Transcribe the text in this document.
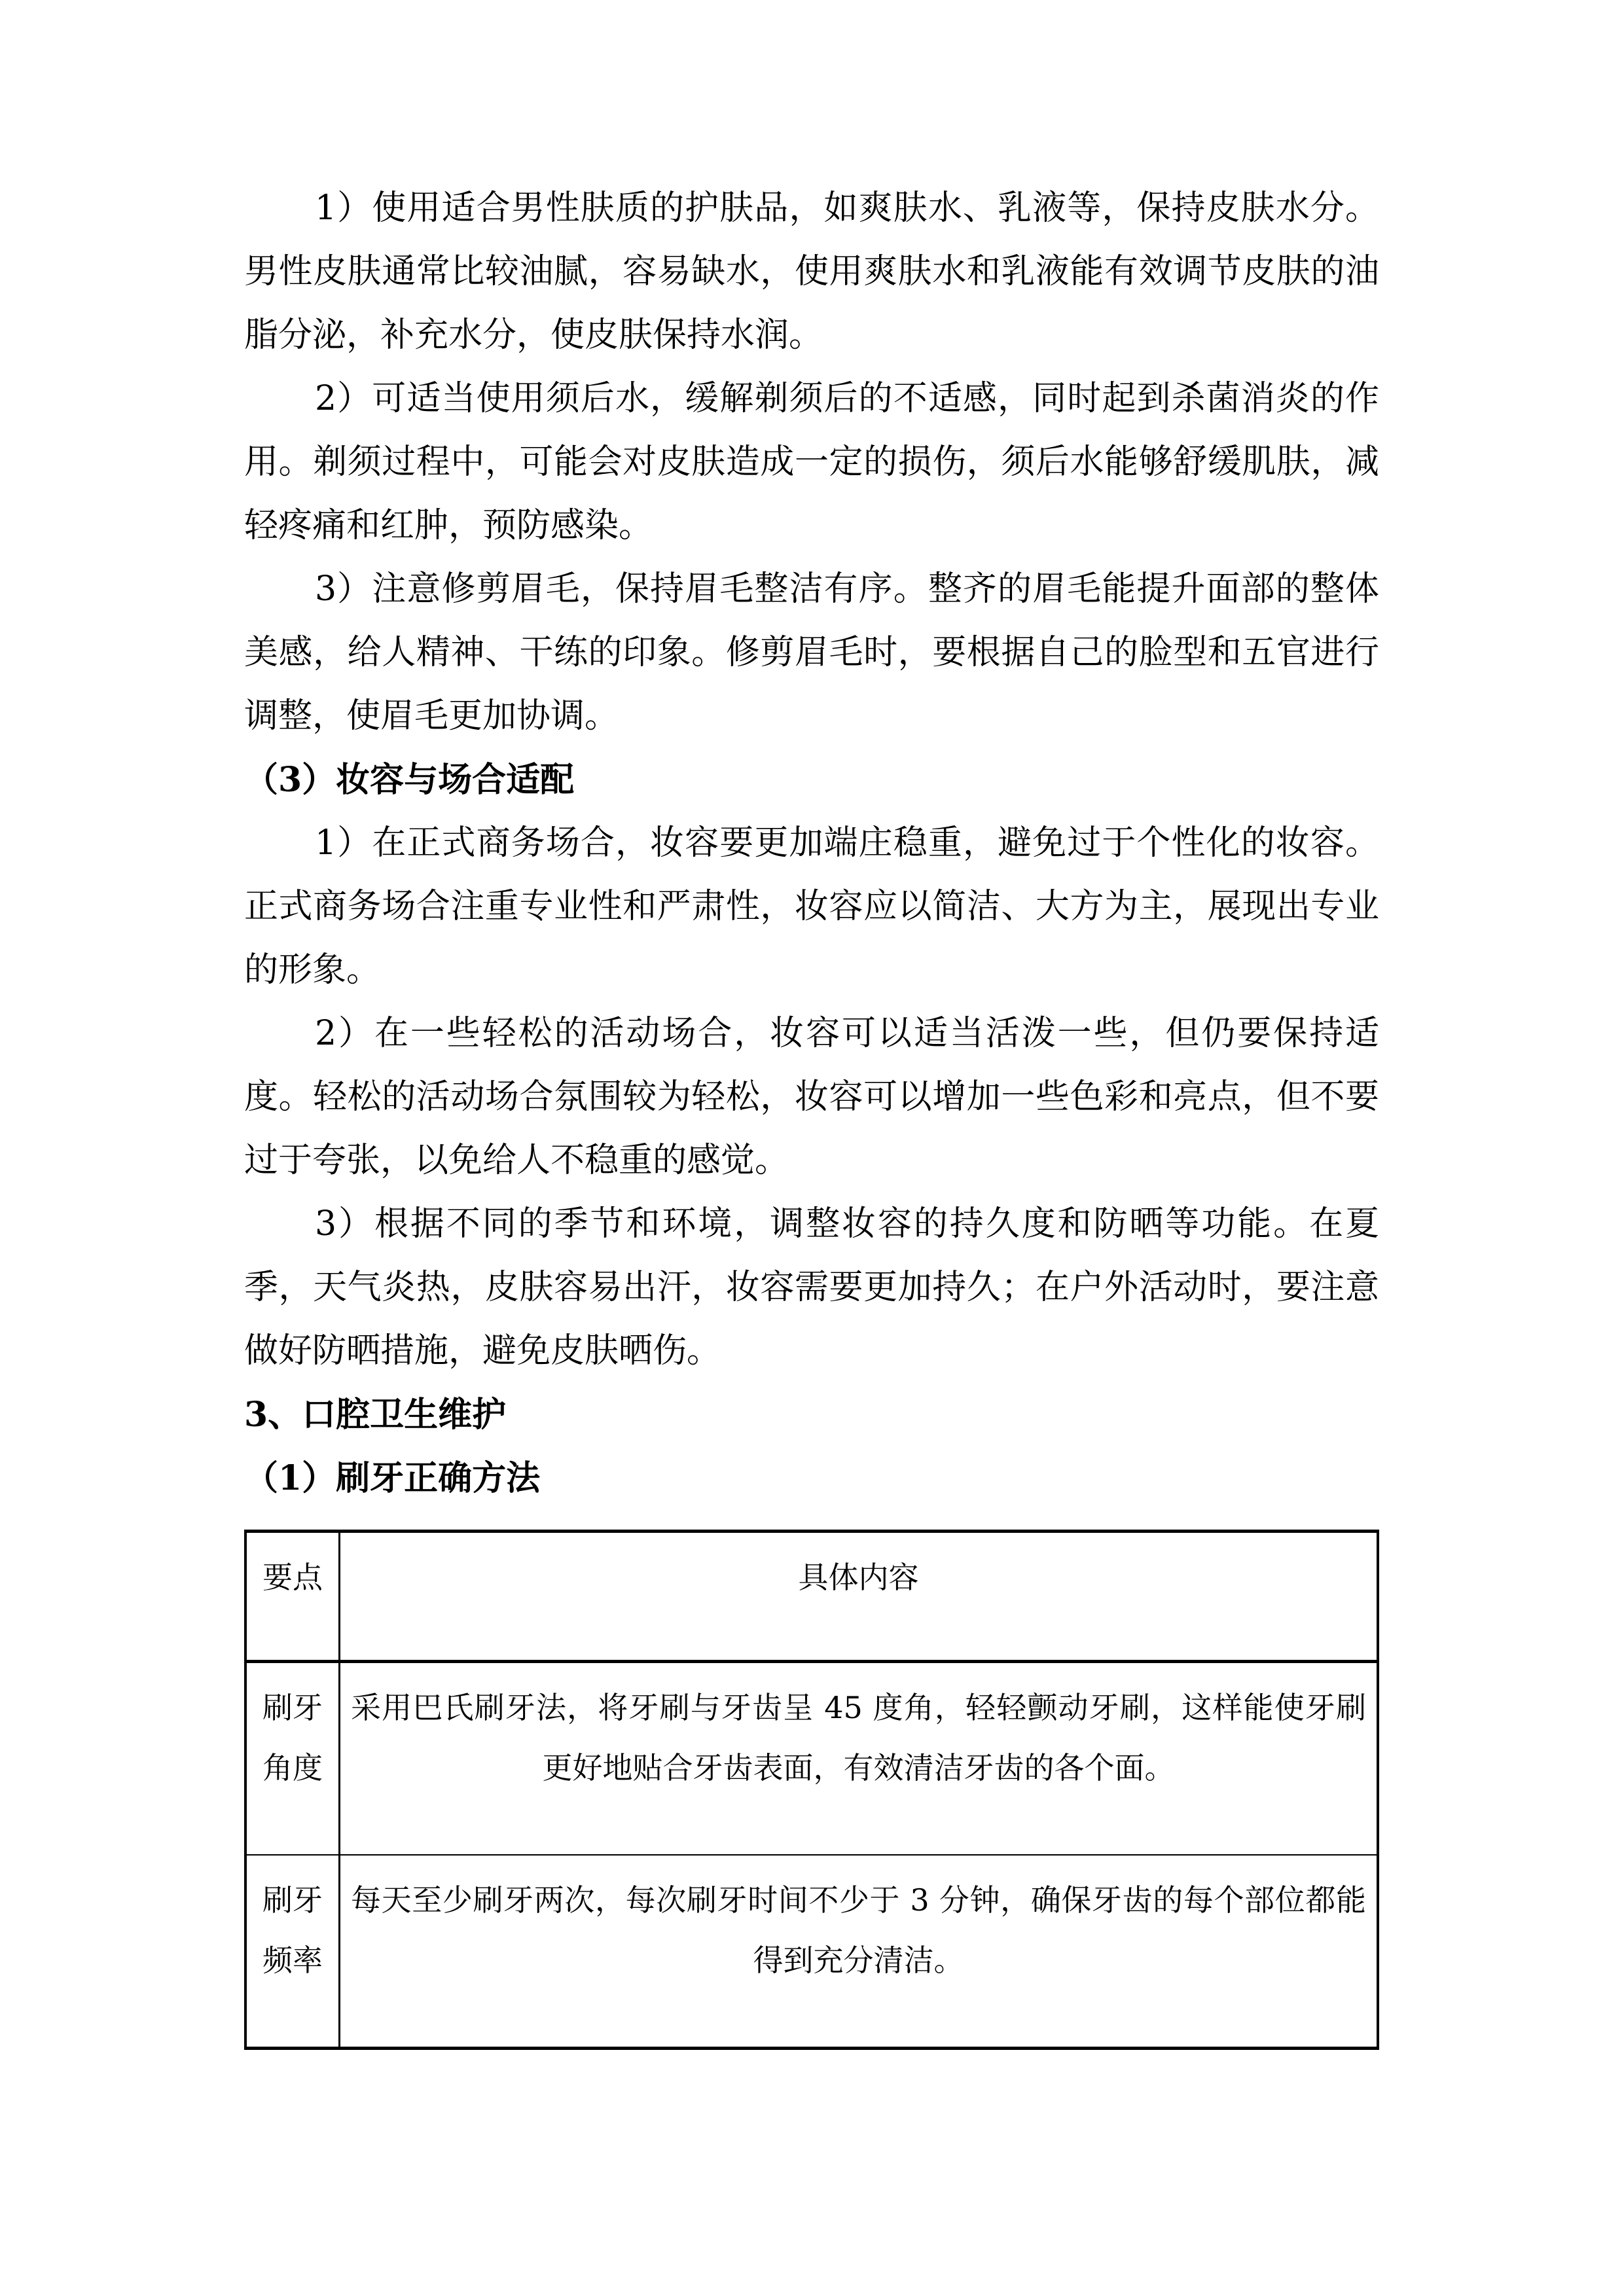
1）使用适合男性肤质的护肤品，如爽肤水、乳液等，保持皮肤水分。男性皮肤通常比较油腻，容易缺水，使用爽肤水和乳液能有效调节皮肤的油脂分泌，补充水分，使皮肤保持水润。

2）可适当使用须后水，缓解剃须后的不适感，同时起到杀菌消炎的作用。剃须过程中，可能会对皮肤造成一定的损伤，须后水能够舒缓肌肤，减轻疼痛和红肿，预防感染。

3）注意修剪眉毛，保持眉毛整洁有序。整齐的眉毛能提升面部的整体美感，给人精神、干练的印象。修剪眉毛时，要根据自己的脸型和五官进行调整，使眉毛更加协调。

（3）妆容与场合适配

1）在正式商务场合，妆容要更加端庄稳重，避免过于个性化的妆容。正式商务场合注重专业性和严肃性，妆容应以简洁、大方为主，展现出专业的形象。

2）在一些轻松的活动场合，妆容可以适当活泼一些，但仍要保持适度。轻松的活动场合氛围较为轻松，妆容可以增加一些色彩和亮点，但不要过于夸张，以免给人不稳重的感觉。

3）根据不同的季节和环境，调整妆容的持久度和防晒等功能。在夏季，天气炎热，皮肤容易出汗，妆容需要更加持久；在户外活动时，要注意做好防晒措施，避免皮肤晒伤。

3、口腔卫生维护
（1）刷牙正确方法
要点	具体内容

刷牙角度	采用巴氏刷牙法，将牙刷与牙齿呈 45 度角，轻轻颤动牙刷，这样能使牙刷更好地贴合牙齿表面，有效清洁牙齿的各个面。

刷牙频率	每天至少刷牙两次，每次刷牙时间不少于 3 分钟，确保牙齿的每个部位都能得到充分清洁。
